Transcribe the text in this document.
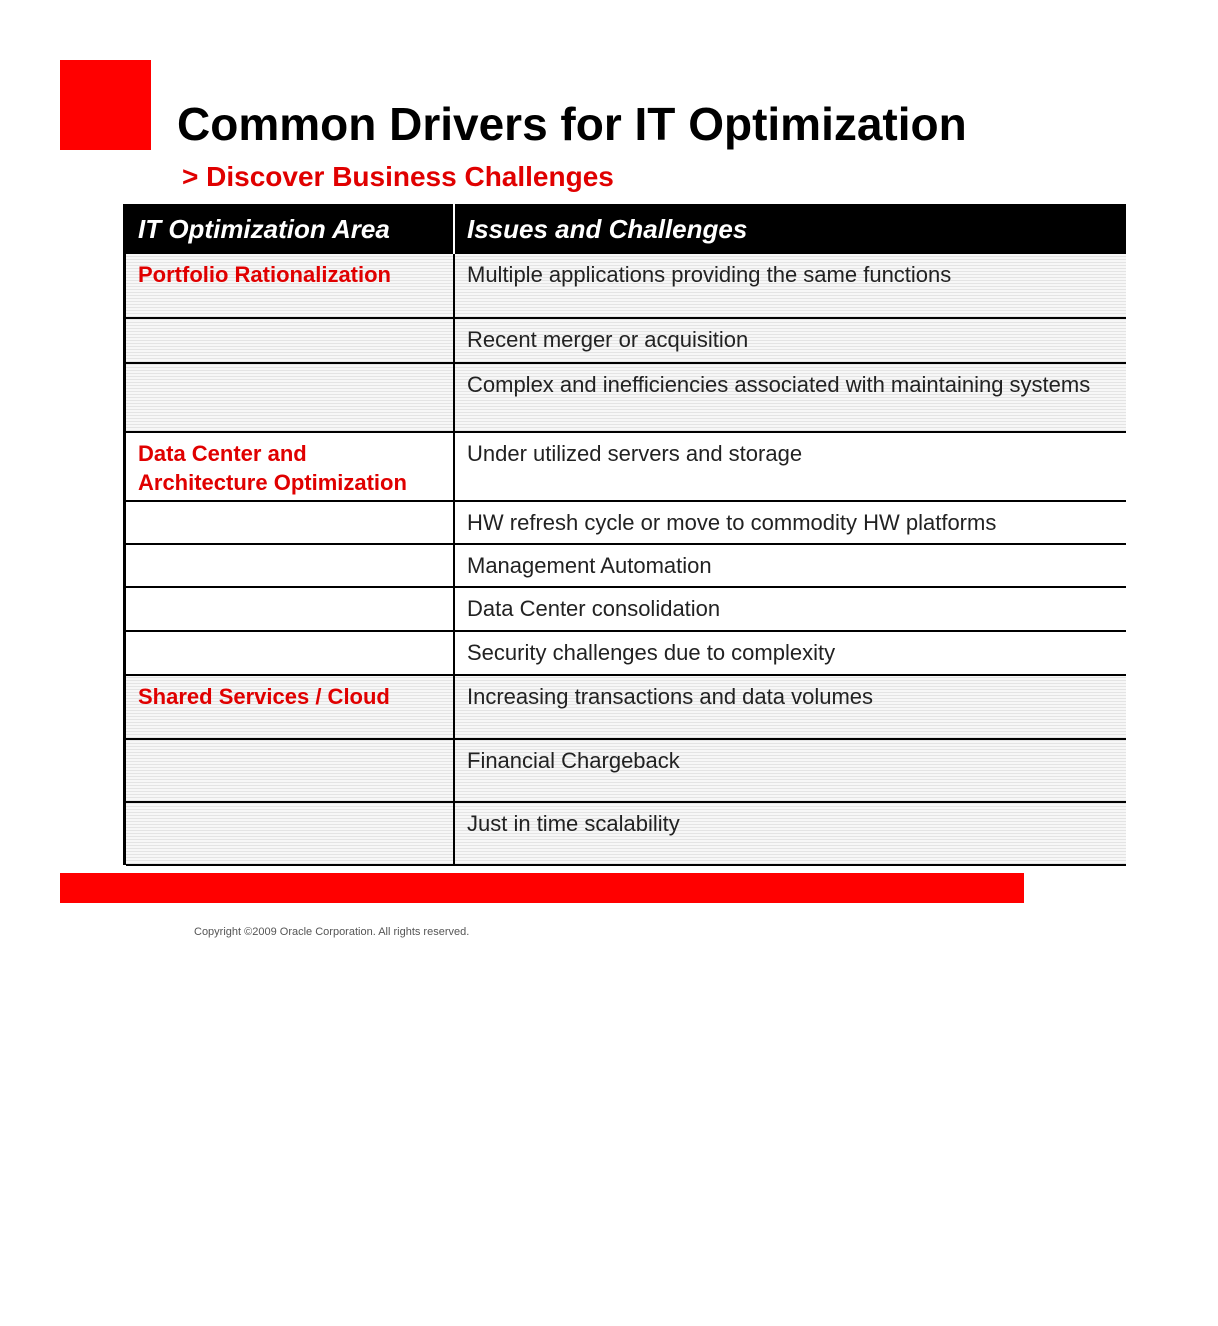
Common Drivers for IT Optimization
> Discover Business Challenges
IT Optimization Area	Issues and Challenges
Portfolio Rationalization	Multiple applications providing the same functions
	Recent merger or acquisition
	Complex and inefficiencies associated with maintaining systems
Data Center and Architecture Optimization	Under utilized servers and storage
	HW refresh cycle or move to commodity HW platforms
	Management Automation
	Data Center consolidation
	Security challenges due to complexity
Shared Services / Cloud	Increasing transactions and data volumes
	Financial Chargeback
	Just in time scalability
Copyright ©2009 Oracle Corporation. All rights reserved.
